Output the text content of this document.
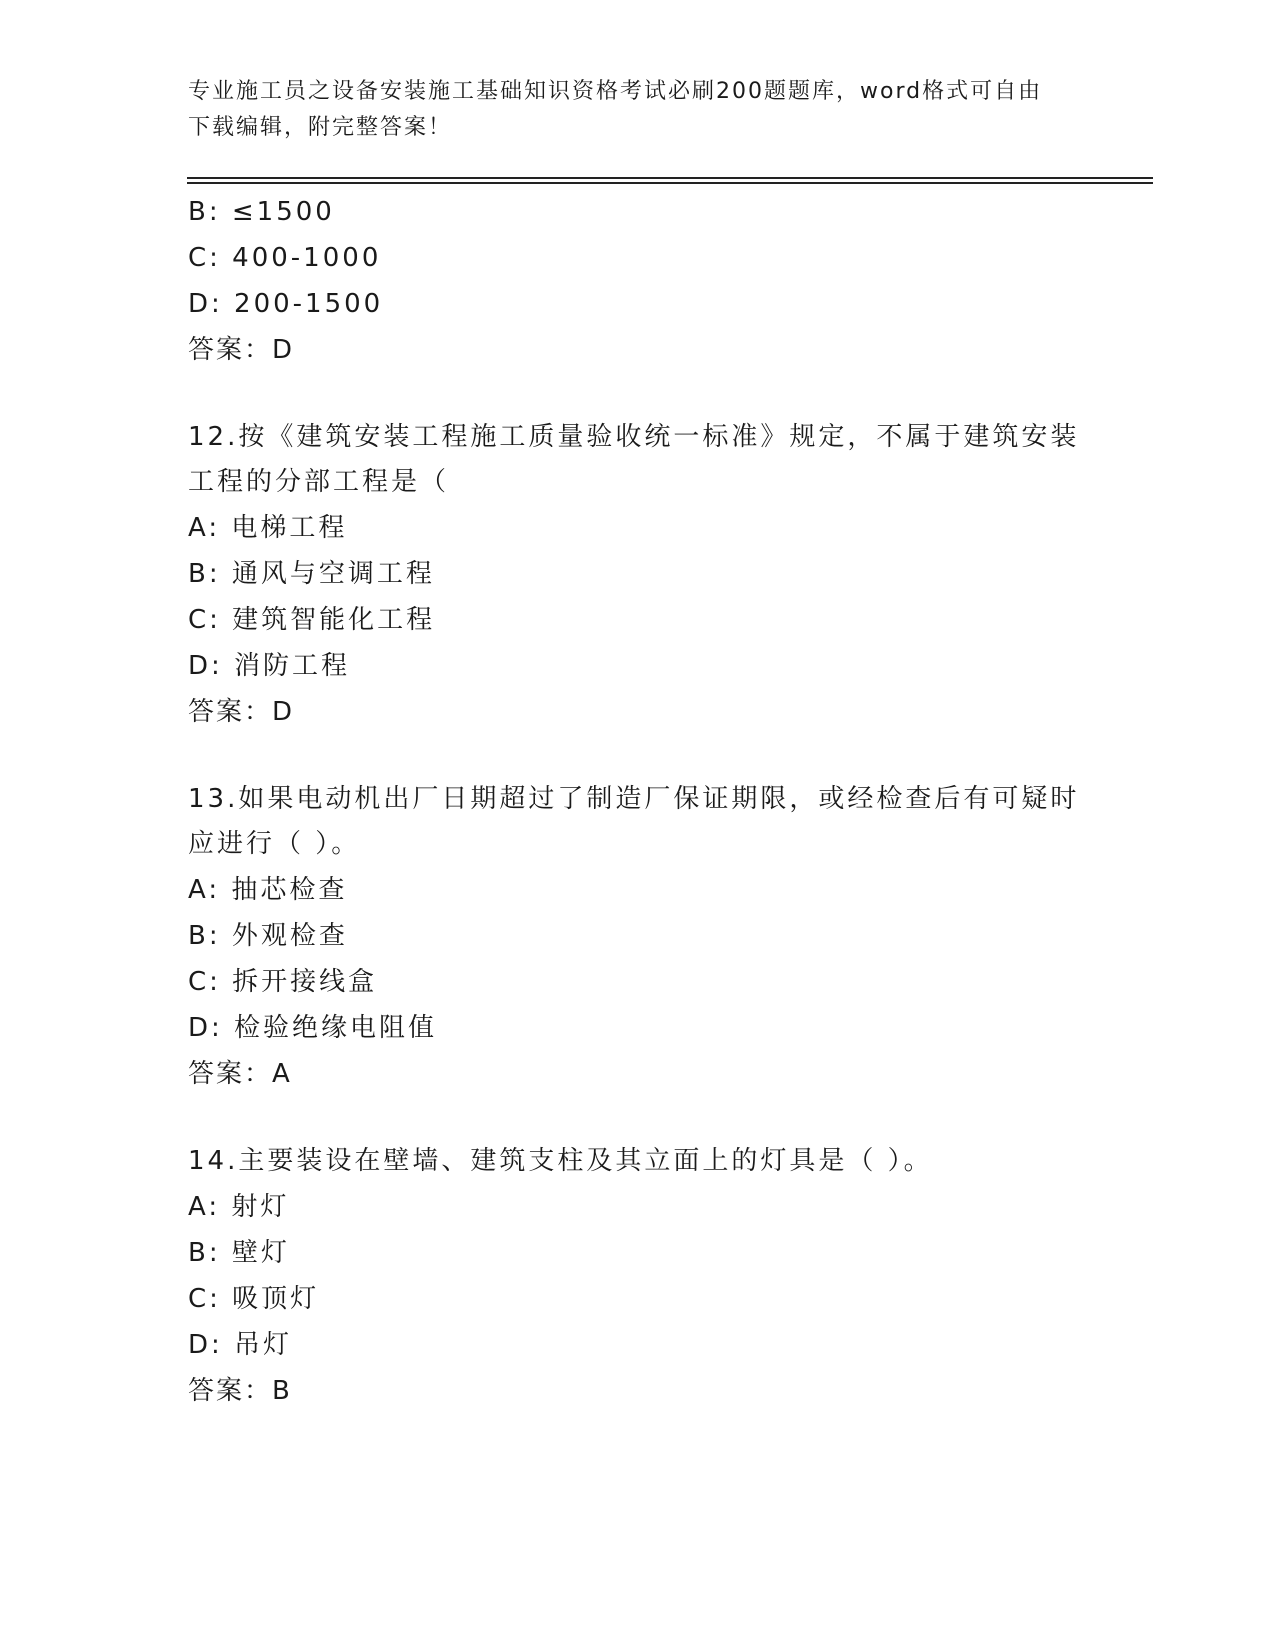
专业施工员之设备安装施工基础知识资格考试必刷200题题库，word格式可自由
下载编辑，附完整答案！
B: ≤1500
C: 400-1000
D: 200-1500
答案：D
12.按《建筑安装工程施工质量验收统一标准》规定，不属于建筑安装工程的分部工程是（
A: 电梯工程
B: 通风与空调工程
C: 建筑智能化工程
D: 消防工程
答案：D
13.如果电动机出厂日期超过了制造厂保证期限，或经检查后有可疑时应进行（ ）。
A: 抽芯检查
B: 外观检查
C: 拆开接线盒
D: 检验绝缘电阻值
答案：A
14.主要装设在壁墙、建筑支柱及其立面上的灯具是（ ）。
A: 射灯
B: 壁灯
C: 吸顶灯
D: 吊灯
答案：B
